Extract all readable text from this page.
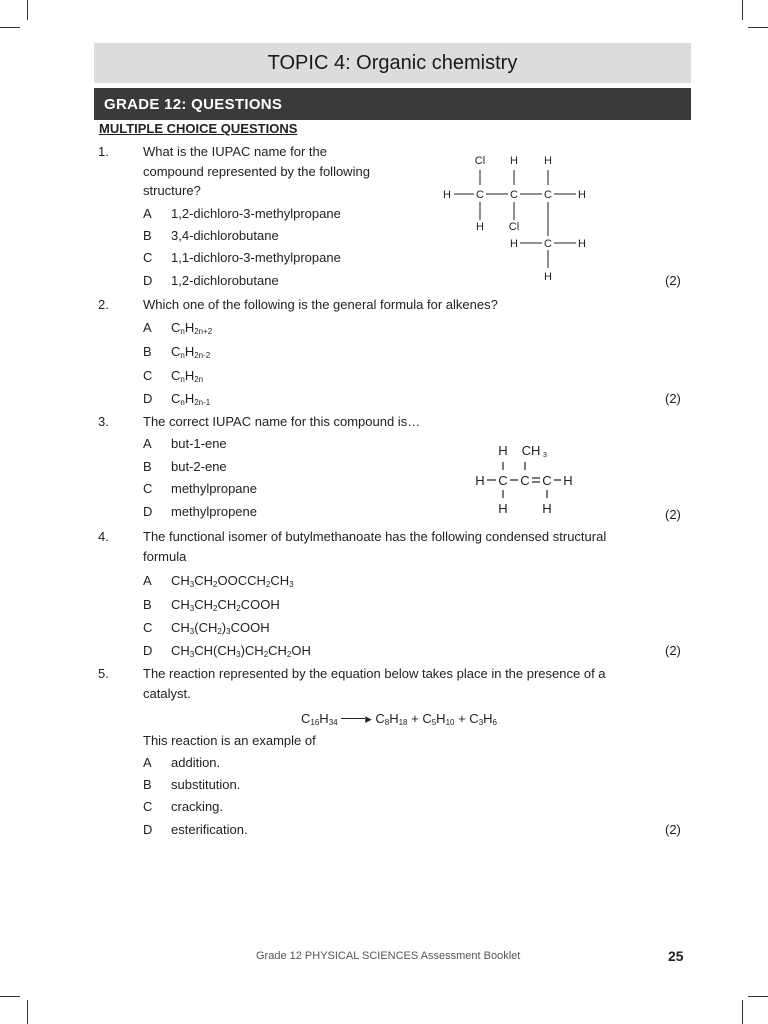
TOPIC 4: Organic chemistry
GRADE 12: QUESTIONS
MULTIPLE CHOICE QUESTIONS
1.	What is the IUPAC name for the
compound represented by the following
structure?
A 1,2-dichloro-3-methylpropane
B 3,4-dichlorobutane
C 1,1-dichloro-3-methylpropane
D 1,2-dichlorobutane	(2)
Cl H H
H C C C H
H Cl
H C H
H
2.	Which one of the following is the general formula for alkenes?
A $C_nH_{2n+2}$
B $C_nH_{2n-2}$
C $C_nH_{2n}$
D $C_nH_{2n-1}$	(2)
3.	The correct IUPAC name for this compound is…
A but-1-ene
B but-2-ene
C methylpropane
D methylpropene	(2)
H CH 3
H C C C H
H	H
4.	The functional isomer of butylmethanoate has the following condensed structural
formula
A $CH_3CH_2OOCCH_2CH_3$
B $CH_3CH_2CH_2COOH$
C $CH_3(CH_2)_3COOH$
D $CH_3CH(CH_3)CH_2CH_2OH$	(2)
5.	The reaction represented by the equation below takes place in the presence of a
catalyst.
$C_{16}H_{34}$ ▸ $C_8H_{18} + C_5H_{10} + C_3H_6$
This reaction is an example of
A addition.
B substitution.
C cracking.
D esterification.	(2)
Grade 12 PHYSICAL SCIENCES Assessment Booklet	25
